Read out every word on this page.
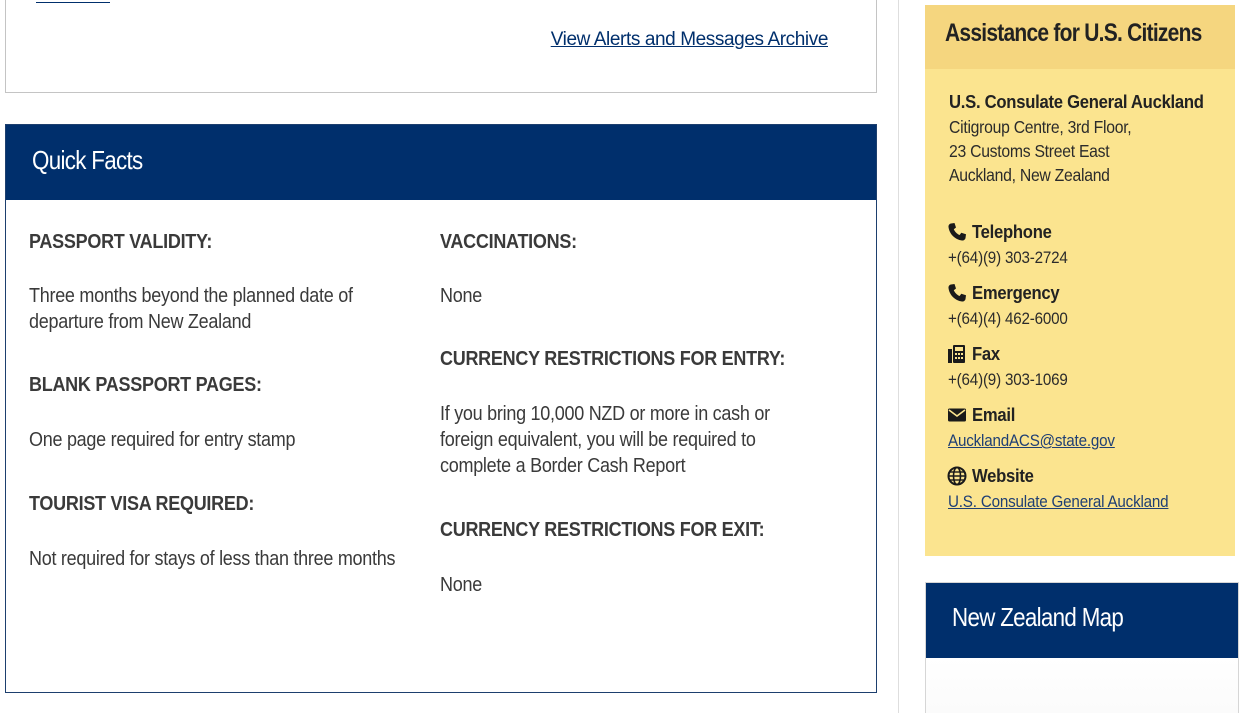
View Alerts and Messages Archive
Quick Facts
PASSPORT VALIDITY:
Three months beyond the planned date of departure from New Zealand
BLANK PASSPORT PAGES:
One page required for entry stamp
TOURIST VISA REQUIRED:
Not required for stays of less than three months
VACCINATIONS:
None
CURRENCY RESTRICTIONS FOR ENTRY:
If you bring 10,000 NZD or more in cash or foreign equivalent, you will be required to complete a Border Cash Report
CURRENCY RESTRICTIONS FOR EXIT:
None
Assistance for U.S. Citizens
U.S. Consulate General Auckland
Citigroup Centre, 3rd Floor,
23 Customs Street East
Auckland, New Zealand
Telephone
+(64)(9) 303-2724
Emergency
+(64)(4) 462-6000
Fax
+(64)(9) 303-1069
Email
AucklandACS@state.gov
Website
U.S. Consulate General Auckland
New Zealand Map
